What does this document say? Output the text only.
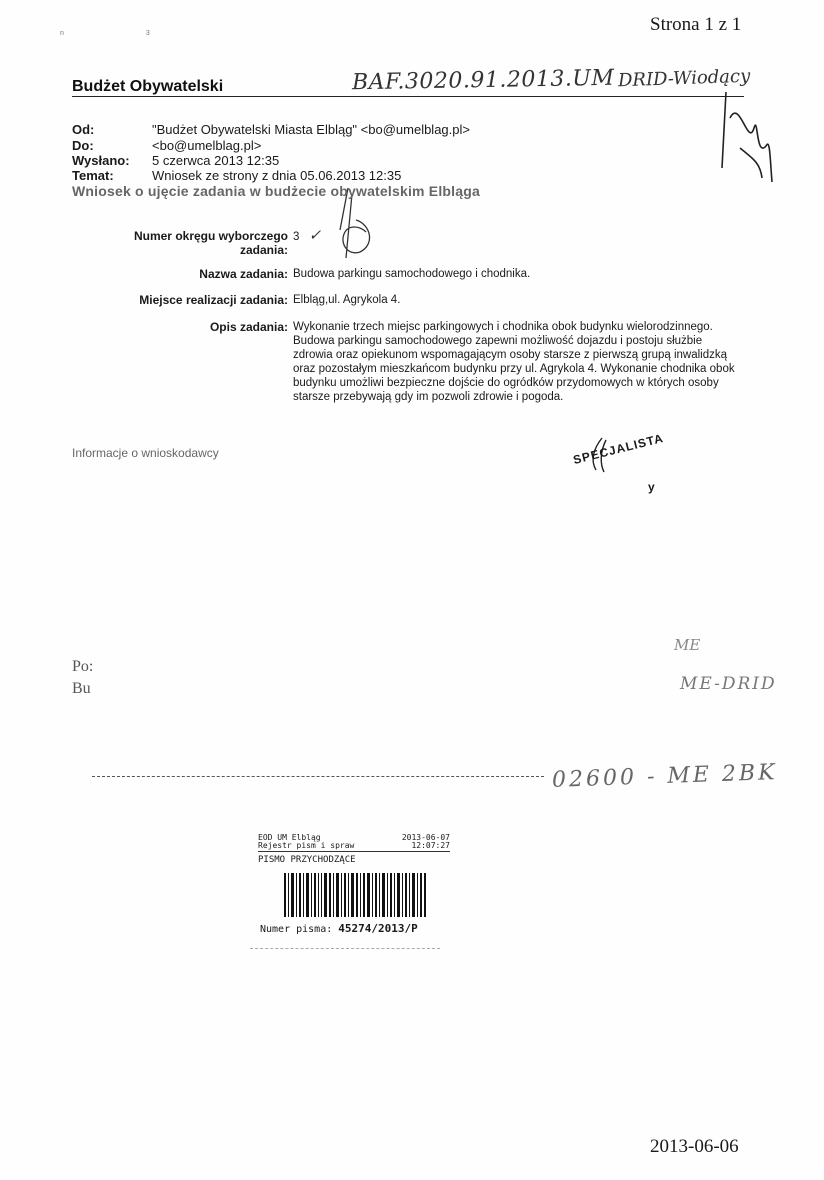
Strona 1 z 1
n 3
Budżet Obywatelski	BAF.3020.91.2013.UM DRID-Wiodący
Od:	"Budżet Obywatelski Miasta Elbląg" <bo@umelblag.pl>
Do:	<bo@umelblag.pl>
Wysłano: 5 czerwca 2013 12:35
Temat:	Wniosek ze strony z dnia 05.06.2013 12:35
Wniosek o ujęcie zadania w budżecie obywatelskim Elbląga
Numer okręgu wyborczego
zadania:
3 ✓
Nazwa zadania: Budowa parkingu samochodowego i chodnika.
Miejsce realizacji zadania: Elbląg,ul. Agrykola 4.
Opis zadania: Wykonanie trzech miejsc parkingowych i chodnika obok budynku wielorodzinnego. Budowa parkingu samochodowego zapewni możliwość dojazdu i postoju służbie zdrowia oraz opiekunom wspomagającym osoby starsze z pierwszą grupą inwalidzką oraz pozostałym mieszkańcom budynku przy ul. Agrykola 4. Wykonanie chodnika obok budynku umożliwi bezpieczne dojście do ogródków przydomowych w których osoby starsze przebywają gdy im pozwoli zdrowie i pogoda.
Informacje o wnioskodawcy	SPECJALISTA
y
Po:
Bu
ME
ME-DRID
02600 - ME 2BK
EOD UM Elbląg	2013-06-07
Rejestr pism i spraw	12:07:27
PISMO PRZYCHODZĄCE
Numer pisma: 45274/2013/P
2013-06-06
